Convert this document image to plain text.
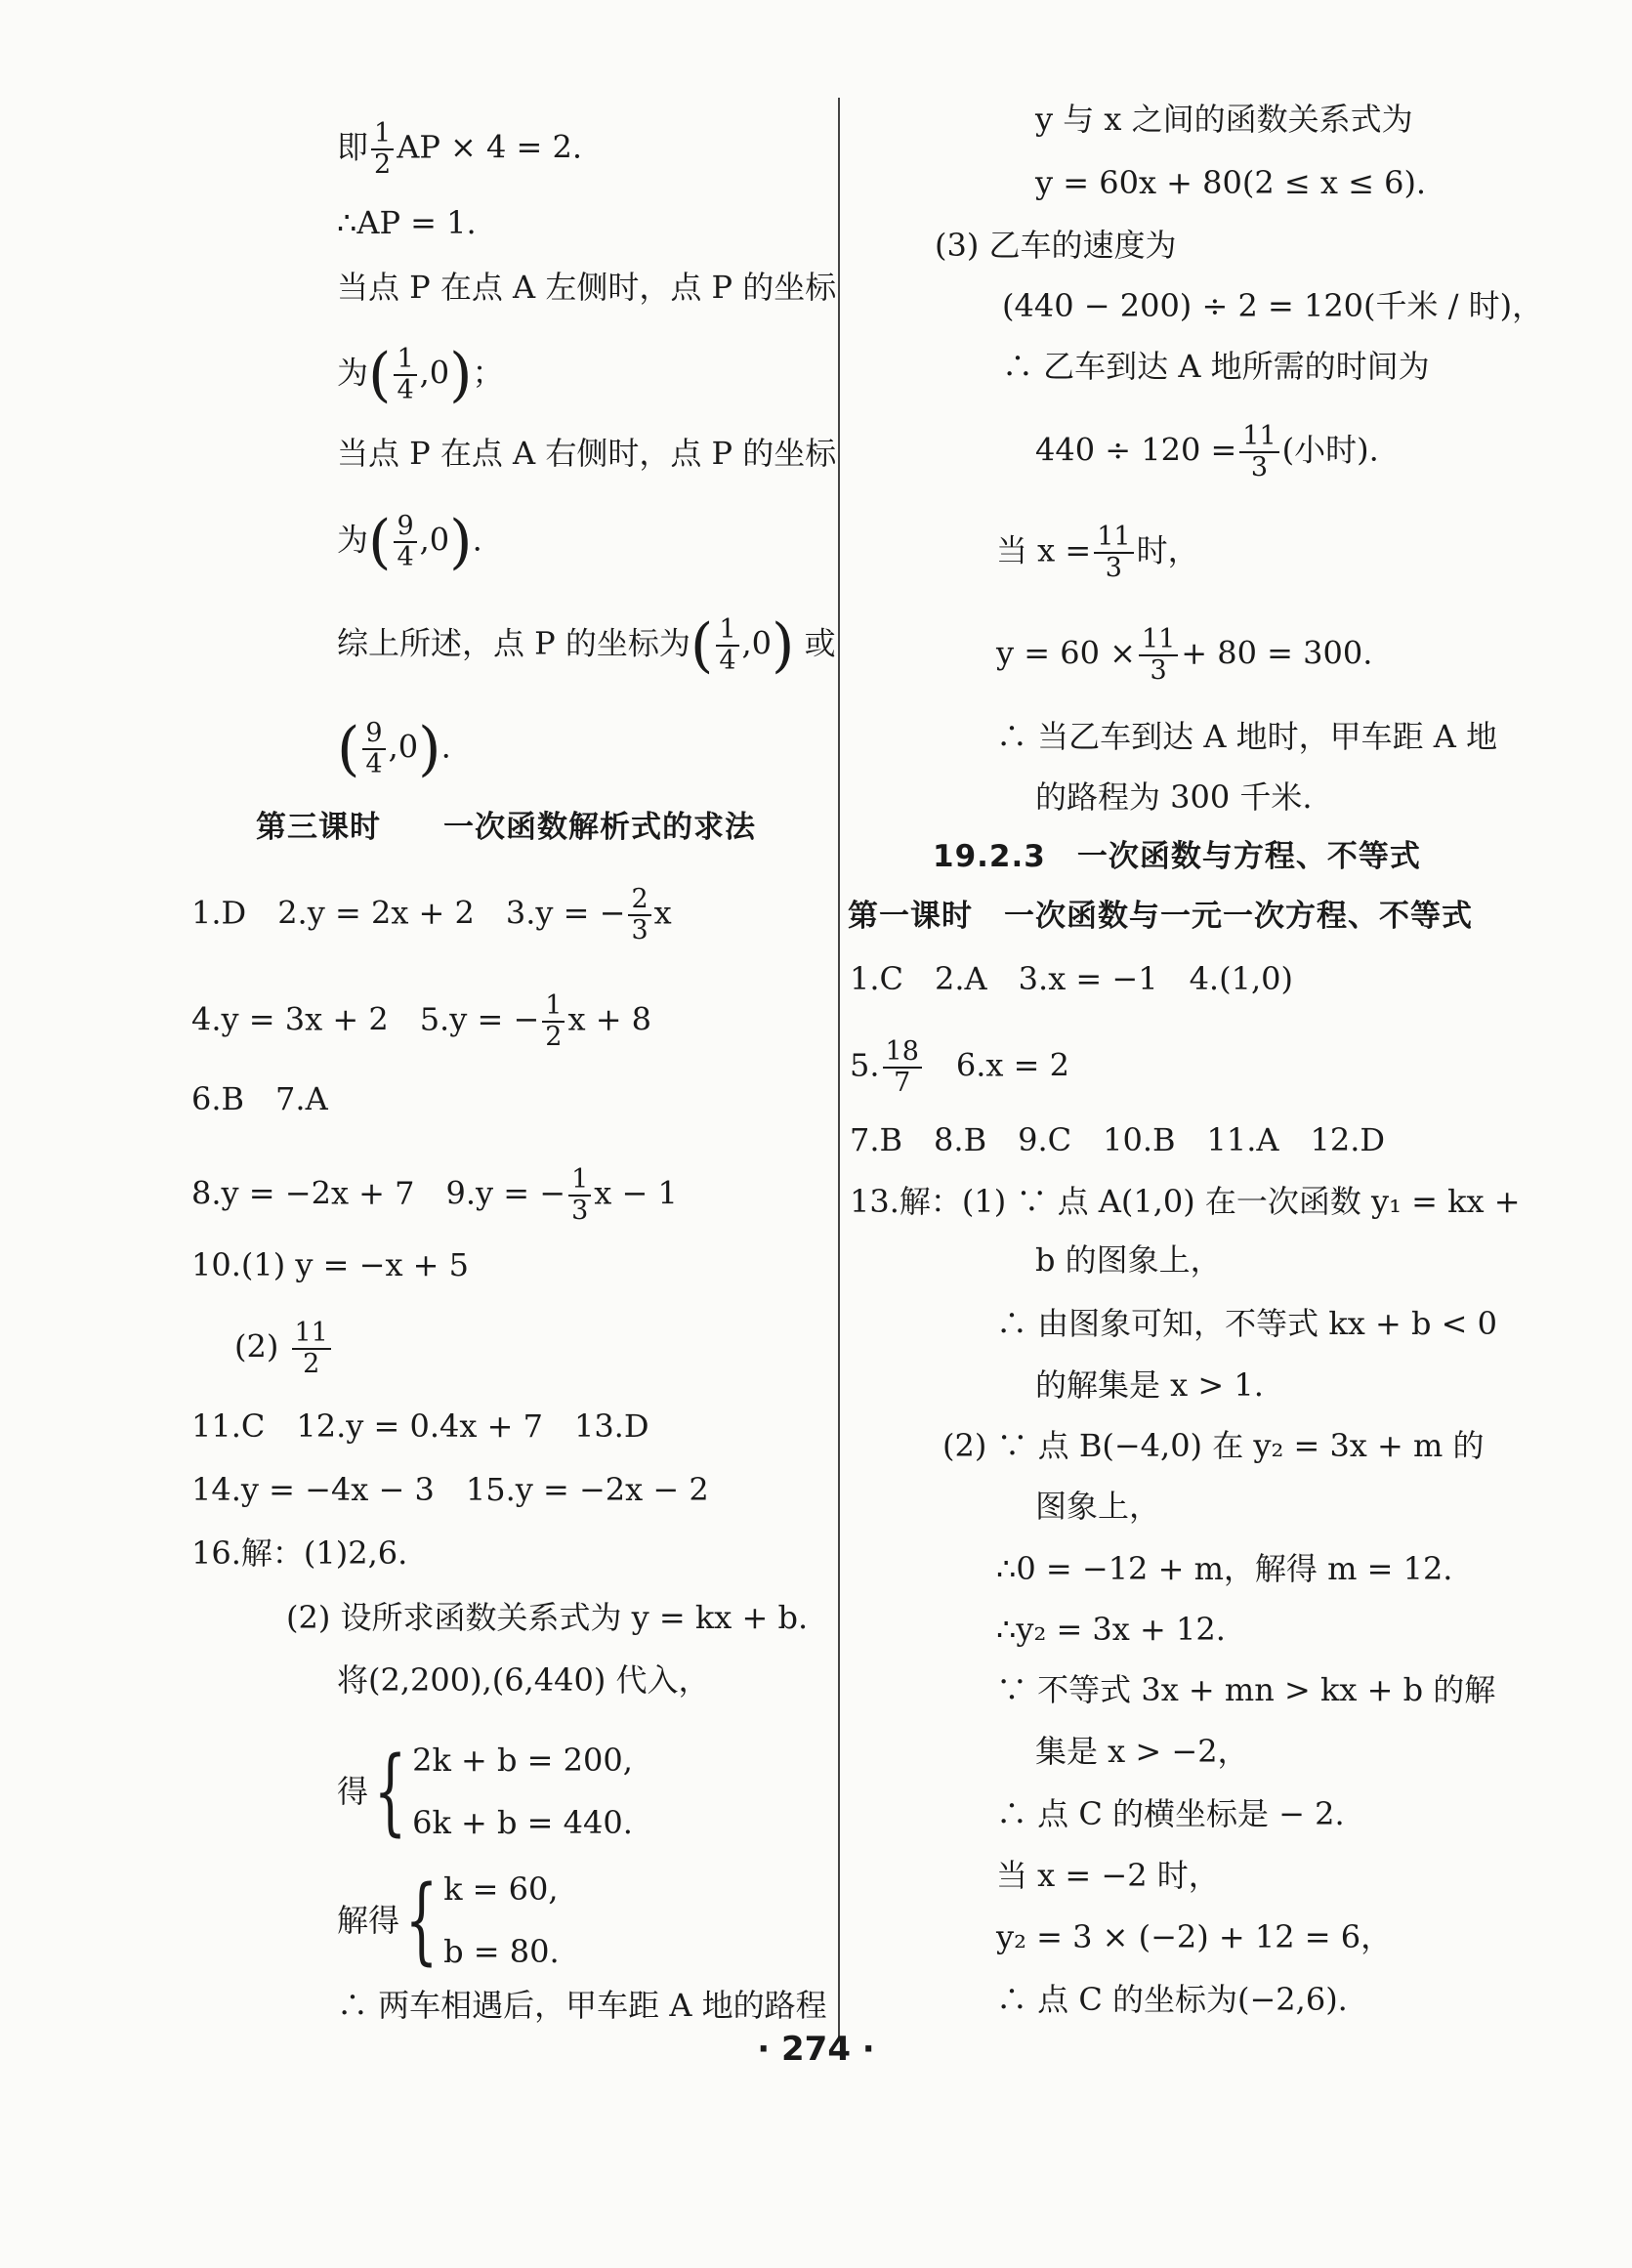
即 $\frac{1}{2}$ AP × 4 = 2.
∴AP = 1.
当点 P 在点 A 左侧时，点 P 的坐标
为( $\frac{1}{4} ,0$)；
当点 P 在点 A 右侧时，点 P 的坐标
为( $\frac{9}{4} ,0$).
综上所述，点 P 的坐标为( $\frac{1}{4} ,0$) 或
( $\frac{9}{4} ,0$).
第三课时　　一次函数解析式的求法
1.D　2.y = 2x + 2　3.y = − $\frac{2}{3}$ x
4.y = 3x + 2　5.y = − $\frac{1}{2}$ x + 8
6.B　7.A
8.y = −2x + 7　9.y = − $\frac{1}{3}$ x − 1
10.(1) y = −x + 5
$(2) \frac{11}{2}$
11.C　12.y = 0.4x + 7　13.D
14.y = −4x − 3　15.y = −2x − 2
16.解：(1)2,6.
(2) 设所求函数关系式为 y = kx + b.
将(2,200),(6,440) 代入，
得{ 2k + b = 200,
6k + b = 440.
解得{ k = 60,
b = 80.
∴ 两车相遇后，甲车距 A 地的路程
y 与 x 之间的函数关系式为
y = 60x + 80(2 ≤ x ≤ 6).
(3) 乙车的速度为
(440 − 200) ÷ 2 = 120(千米 / 时)，
∴ 乙车到达 A 地所需的时间为
$440 \div 120 = \frac{11}{3}$ (小时).
当 $x = \frac{11}{3}$ 时，
$y = 60 \times \frac{11}{3} + 80 = 300$.
∴ 当乙车到达 A 地时，甲车距 A 地
的路程为 300 千米.
19.2.3　一次函数与方程、不等式
第一课时　一次函数与一元一次方程、不等式
1.C　2.A　3.x = −1　4.(1,0)
5. $\frac{18}{7}$ 　6.x = 2
7.B　8.B　9.C　10.B　11.A　12.D
13.解：(1) ∵ 点 A(1,0) 在一次函数 y₁ = kx +
b 的图象上，
∴ 由图象可知，不等式 kx + b < 0
的解集是 x > 1.
(2) ∵ 点 B(−4,0) 在 y₂ = 3x + m 的
图象上，
∴0 = −12 + m，解得 m = 12.
∴y₂ = 3x + 12.
∵ 不等式 3x + mn > kx + b 的解
集是 x > −2，
∴ 点 C 的横坐标是 − 2.
当 x = −2 时，
y₂ = 3 × (−2) + 12 = 6，
∴ 点 C 的坐标为(−2,6).
· 274 ·
